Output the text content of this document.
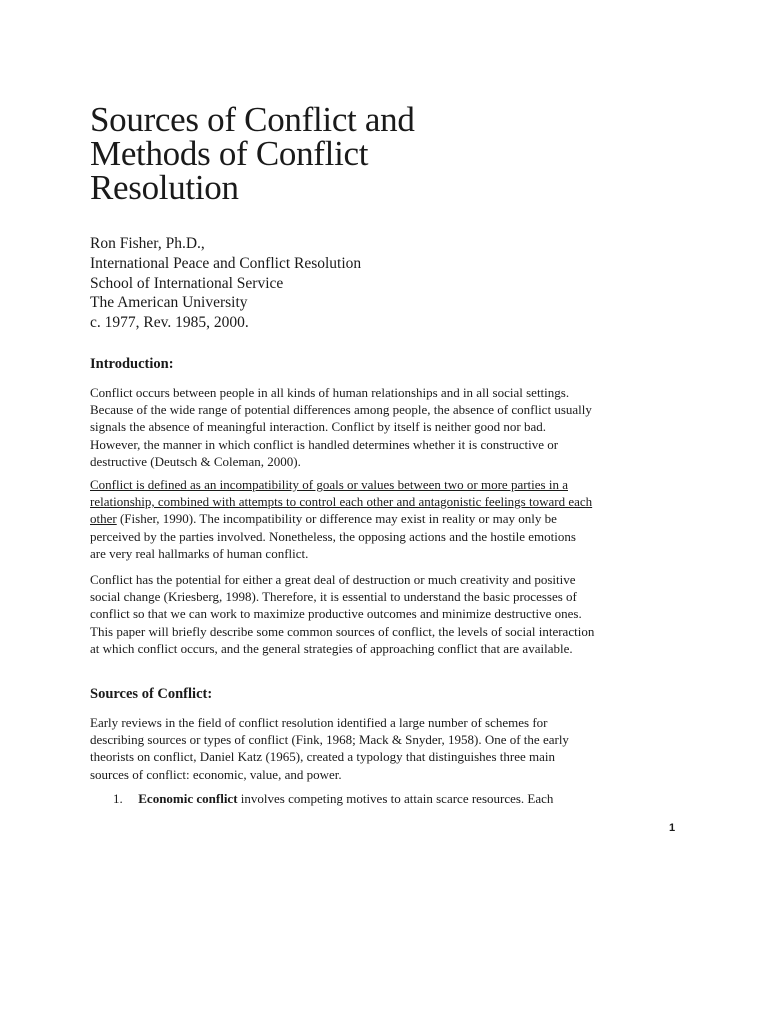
Sources of Conflict and
Methods of Conflict
Resolution
Ron Fisher, Ph.D.,
International Peace and Conflict Resolution
School of International Service
The American University
c. 1977, Rev. 1985, 2000.
Introduction:

Conflict occurs between people in all kinds of human relationships and in all social settings.
Because of the wide range of potential differences among people, the absence of conflict usually
signals the absence of meaningful interaction. Conflict by itself is neither good nor bad.
However, the manner in which conflict is handled determines whether it is constructive or
destructive (Deutsch & Coleman, 2000).

Conflict is defined as an incompatibility of goals or values between two or more parties in a
relationship, combined with attempts to control each other and antagonistic feelings toward each
other (Fisher, 1990). The incompatibility or difference may exist in reality or may only be
perceived by the parties involved. Nonetheless, the opposing actions and the hostile emotions
are very real hallmarks of human conflict.

Conflict has the potential for either a great deal of destruction or much creativity and positive
social change (Kriesberg, 1998). Therefore, it is essential to understand the basic processes of
conflict so that we can work to maximize productive outcomes and minimize destructive ones.
This paper will briefly describe some common sources of conflict, the levels of social interaction
at which conflict occurs, and the general strategies of approaching conflict that are available.

Sources of Conflict:

Early reviews in the field of conflict resolution identified a large number of schemes for
describing sources or types of conflict (Fink, 1968; Mack & Snyder, 1958). One of the early
theorists on conflict, Daniel Katz (1965), created a typology that distinguishes three main
sources of conflict: economic, value, and power.

1. Economic conflict involves competing motives to attain scarce resources. Each
1
